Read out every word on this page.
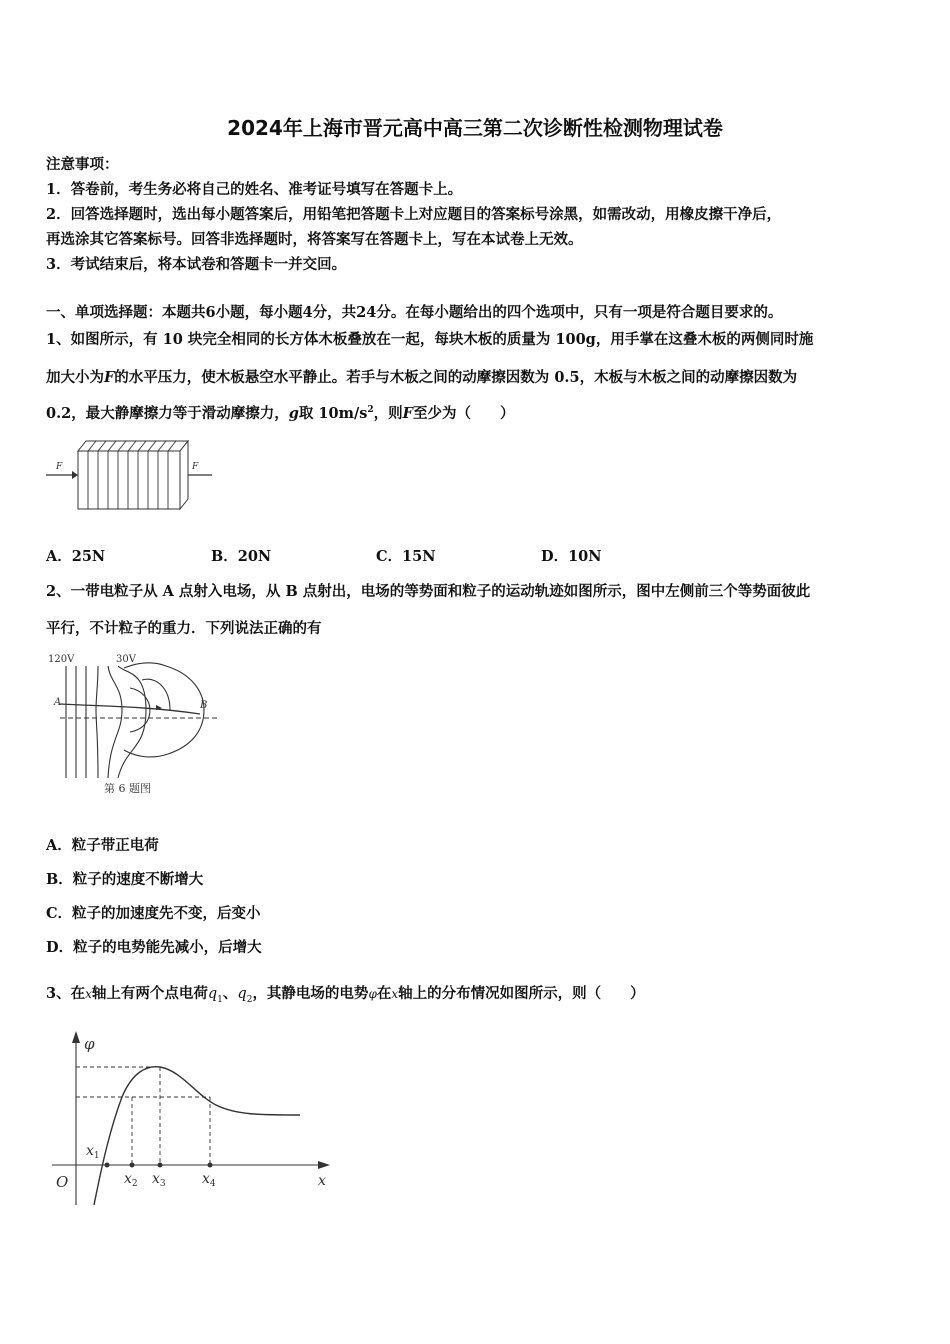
2024年上海市晋元高中高三第二次诊断性检测物理试卷
注意事项：
1．答卷前，考生务必将自己的姓名、准考证号填写在答题卡上。
2．回答选择题时，选出每小题答案后，用铅笔把答题卡上对应题目的答案标号涂黑，如需改动，用橡皮擦干净后，
再选涂其它答案标号。回答非选择题时，将答案写在答题卡上，写在本试卷上无效。
3．考试结束后，将本试卷和答题卡一并交回。
一、单项选择题：本题共6小题，每小题4分，共24分。在每小题给出的四个选项中，只有一项是符合题目要求的。
1、如图所示，有 10 块完全相同的长方体木板叠放在一起，每块木板的质量为 100g，用手掌在这叠木板的两侧同时施
加大小为F的水平压力，使木板悬空水平静止。若手与木板之间的动摩擦因数为 0.5，木板与木板之间的动摩擦因数为
0.2，最大静摩擦力等于滑动摩擦力，g取 $10m/s^2$，则F至少为（　　）
F	F
A．25N	B．20N	C．15N	D．10N
2、一带电粒子从 A 点射入电场，从 B 点射出，电场的等势面和粒子的运动轨迹如图所示，图中左侧前三个等势面彼此
平行，不计粒子的重力．下列说法正确的有
120V	30V
A	B
第 6 题图
A．粒子带正电荷
B．粒子的速度不断增大
C．粒子的加速度先不变，后变小
D．粒子的电势能先减小，后增大
3、在x轴上有两个点电荷$q_1$、$q_2$，其静电场的电势φ在x轴上的分布情况如图所示，则（　　）
φ
x
O
$x_1$
$x_2$ $x_3$	$x_4$
